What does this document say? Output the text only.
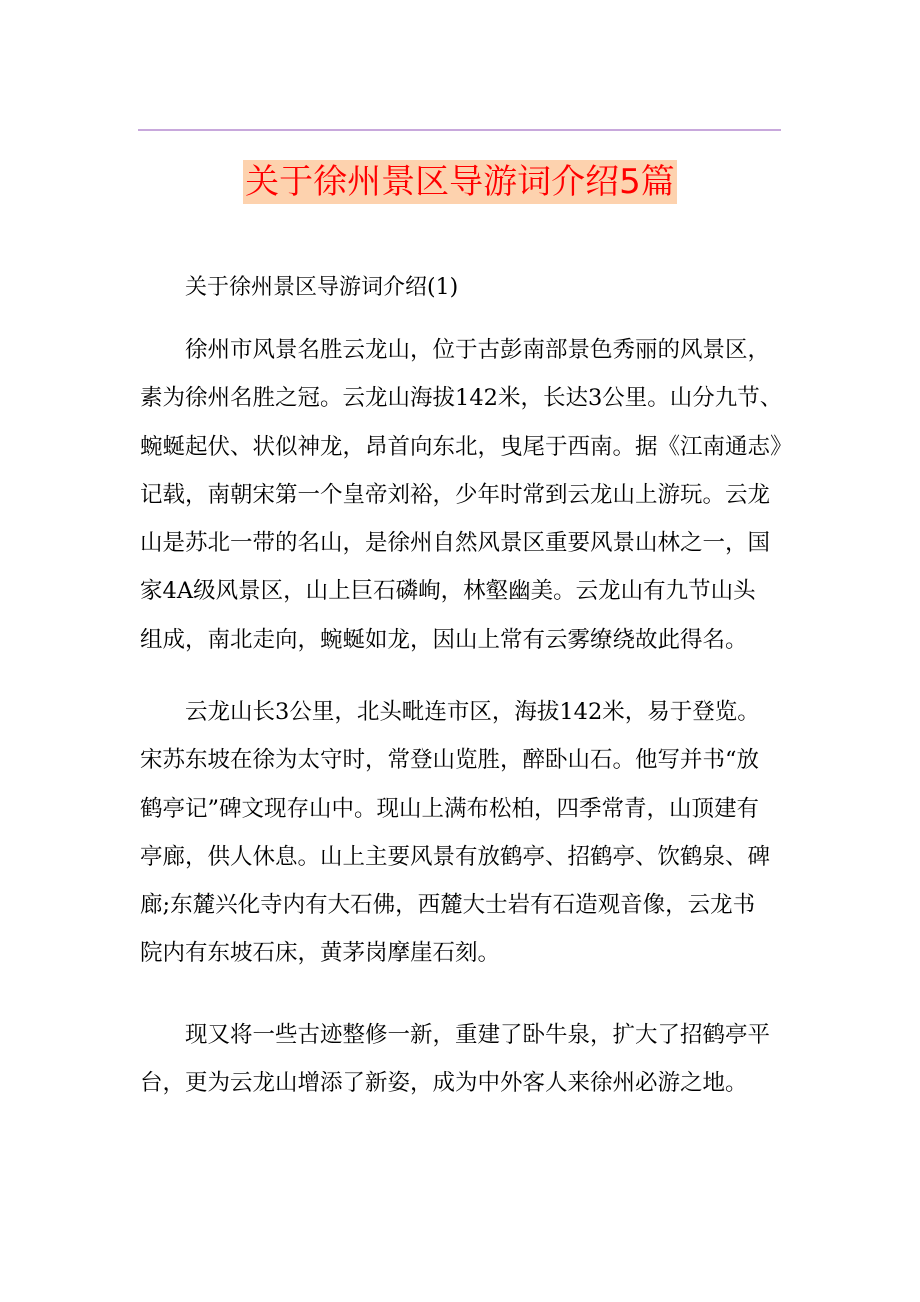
关于徐州景区导游词介绍5篇
关于徐州景区导游词介绍(1)
徐州市风景名胜云龙山，位于古彭南部景色秀丽的风景区，
素为徐州名胜之冠。云龙山海拔142米，长达3公里。山分九节、
蜿蜒起伏、状似神龙，昂首向东北，曳尾于西南。据《江南通志》
记载，南朝宋第一个皇帝刘裕，少年时常到云龙山上游玩。云龙
山是苏北一带的名山，是徐州自然风景区重要风景山林之一，国
家4A级风景区，山上巨石磷峋，林壑幽美。云龙山有九节山头
组成，南北走向，蜿蜒如龙，因山上常有云雾缭绕故此得名。
云龙山长3公里，北头毗连市区，海拔142米，易于登览。
宋苏东坡在徐为太守时，常登山览胜，醉卧山石。他写并书“放
鹤亭记”碑文现存山中。现山上满布松柏，四季常青，山顶建有
亭廊，供人休息。山上主要风景有放鹤亭、招鹤亭、饮鹤泉、碑
廊;东麓兴化寺内有大石佛，西麓大士岩有石造观音像，云龙书
院内有东坡石床，黄茅岗摩崖石刻。
现又将一些古迹整修一新，重建了卧牛泉，扩大了招鹤亭平
台，更为云龙山增添了新姿，成为中外客人来徐州必游之地。
